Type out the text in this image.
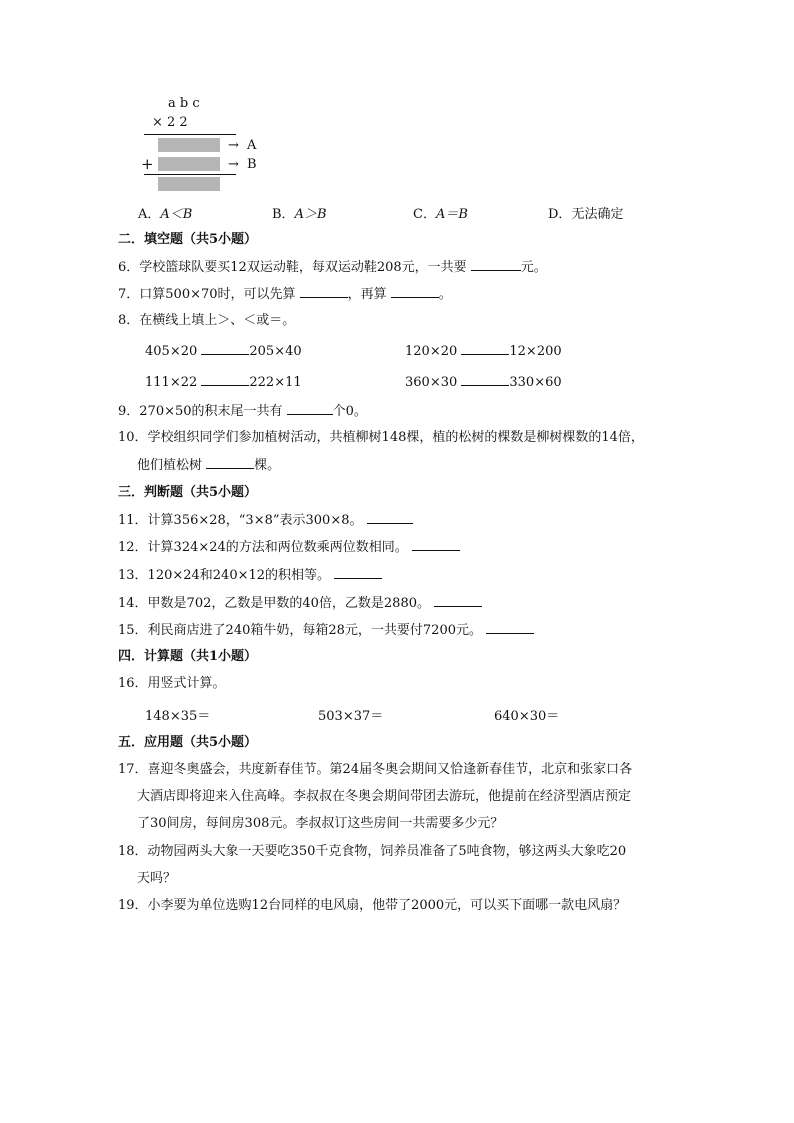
a b c
× 2 2
→ A
+	→ B
A．A＜B	B．A＞B	C．A＝B	D．无法确定
二．填空题（共5小题）
6．学校篮球队要买12双运动鞋，每双运动鞋208元，一共要	元。
7．口算500×70时，可以先算	，再算	。
8．在横线上填上＞、＜或＝。
405×20	205×40	120×20	12×200
111×22	222×11	360×30	330×60
9．270×50的积末尾一共有	个0。
10．学校组织同学们参加植树活动，共植柳树148棵，植的松树的棵数是柳树棵数的14倍，
他们植松树	棵。
三．判断题（共5小题）
11．计算356×28，“3×8”表示300×8。
12．计算324×24的方法和两位数乘两位数相同。
13．120×24和240×12的积相等。
14．甲数是702，乙数是甲数的40倍，乙数是2880。
15．利民商店进了240箱牛奶，每箱28元，一共要付7200元。
四．计算题（共1小题）
16．用竖式计算。
148×35＝	503×37＝	640×30＝
五．应用题（共5小题）
17．喜迎冬奥盛会，共度新春佳节。第24届冬奥会期间又恰逢新春佳节，北京和张家口各
大酒店即将迎来入住高峰。李叔叔在冬奥会期间带团去游玩，他提前在经济型酒店预定
了30间房，每间房308元。李叔叔订这些房间一共需要多少元？
18．动物园两头大象一天要吃350千克食物，饲养员准备了5吨食物，够这两头大象吃20
天吗？
19．小李要为单位选购12台同样的电风扇，他带了2000元，可以买下面哪一款电风扇？
